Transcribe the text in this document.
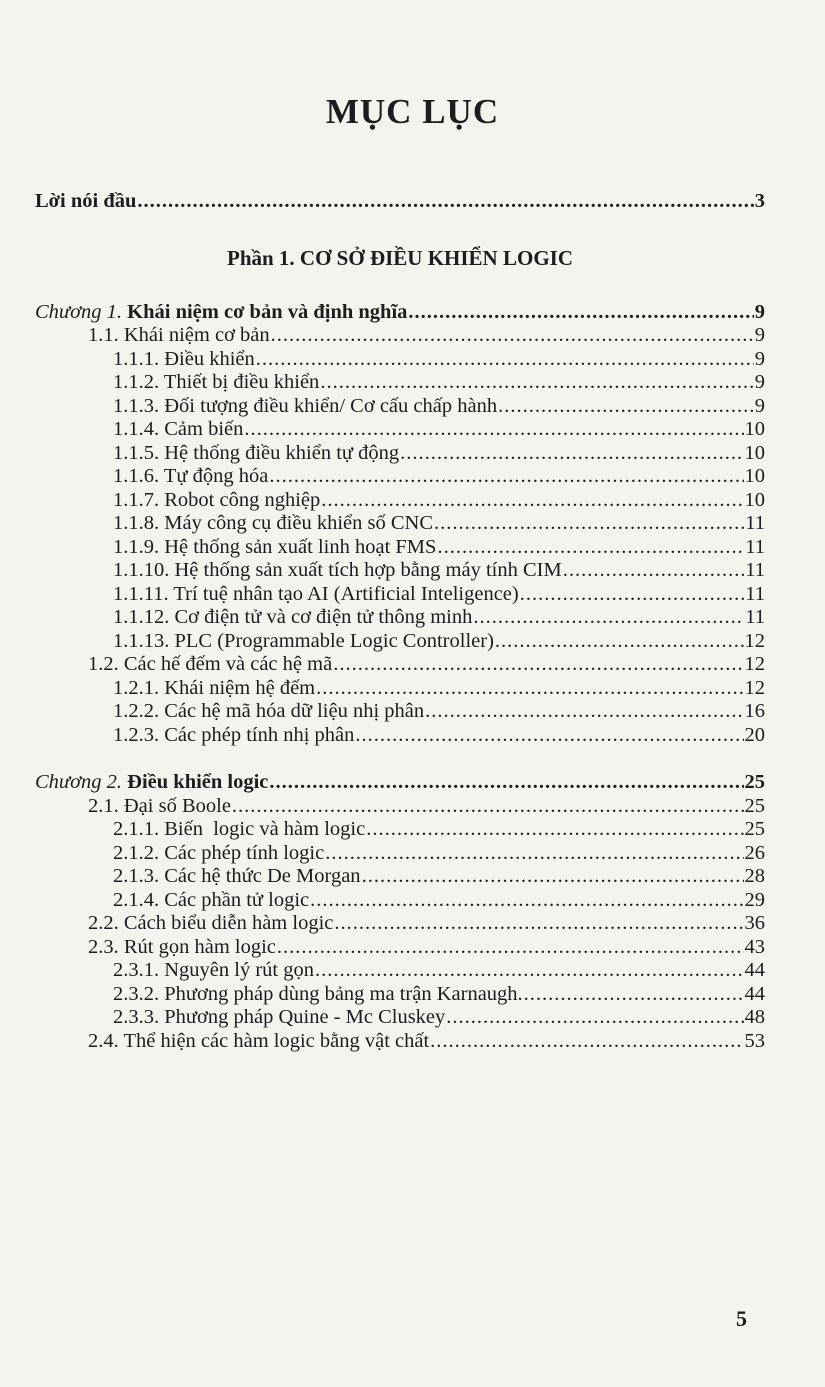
MỤC LỤC
Lời nói đầu .....	3
Phần 1. CƠ SỞ ĐIỀU KHIỂN LOGIC
Chương 1. Khái niệm cơ bản và định nghĩa .....	9
1.1. Khái niệm cơ bản .....	9
1.1.1. Điều khiển .....	9
1.1.2. Thiết bị điều khiển .....	9
1.1.3. Đối tượng điều khiển/ Cơ cấu chấp hành .....	9
1.1.4. Cảm biến .....	10
1.1.5. Hệ thống điều khiển tự động .....	10
1.1.6. Tự động hóa .....	10
1.1.7. Robot công nghiệp .....	10
1.1.8. Máy công cụ điều khiển số CNC .....	11
1.1.9. Hệ thống sản xuất linh hoạt FMS .....	11
1.1.10. Hệ thống sản xuất tích hợp bằng máy tính CIM .....	11
1.1.11. Trí tuệ nhân tạo AI (Artificial Inteligence) .....	11
1.1.12. Cơ điện tử và cơ điện tử thông minh .....	11
1.1.13. PLC (Programmable Logic Controller) .....	12
1.2. Các hế đếm và các hệ mã .....	12
1.2.1. Khái niệm hệ đếm .....	12
1.2.2. Các hệ mã hóa dữ liệu nhị phân .....	16
1.2.3. Các phép tính nhị phân .....	20
Chương 2. Điều khiển logic .....	25
2.1. Đại số Boole .....	25
2.1.1. Biến  logic và hàm logic .....	25
2.1.2. Các phép tính logic .....	26
2.1.3. Các hệ thức De Morgan .....	28
2.1.4. Các phần tử logic .....	29
2.2. Cách biểu diễn hàm logic .....	36
2.3. Rút gọn hàm logic .....	43
2.3.1. Nguyên lý rút gọn .....	44
2.3.2. Phương pháp dùng bảng ma trận Karnaugh. .....	44
2.3.3. Phương pháp Quine - Mc Cluskey .....	48
2.4. Thể hiện các hàm logic bằng vật chất .....	53
5
